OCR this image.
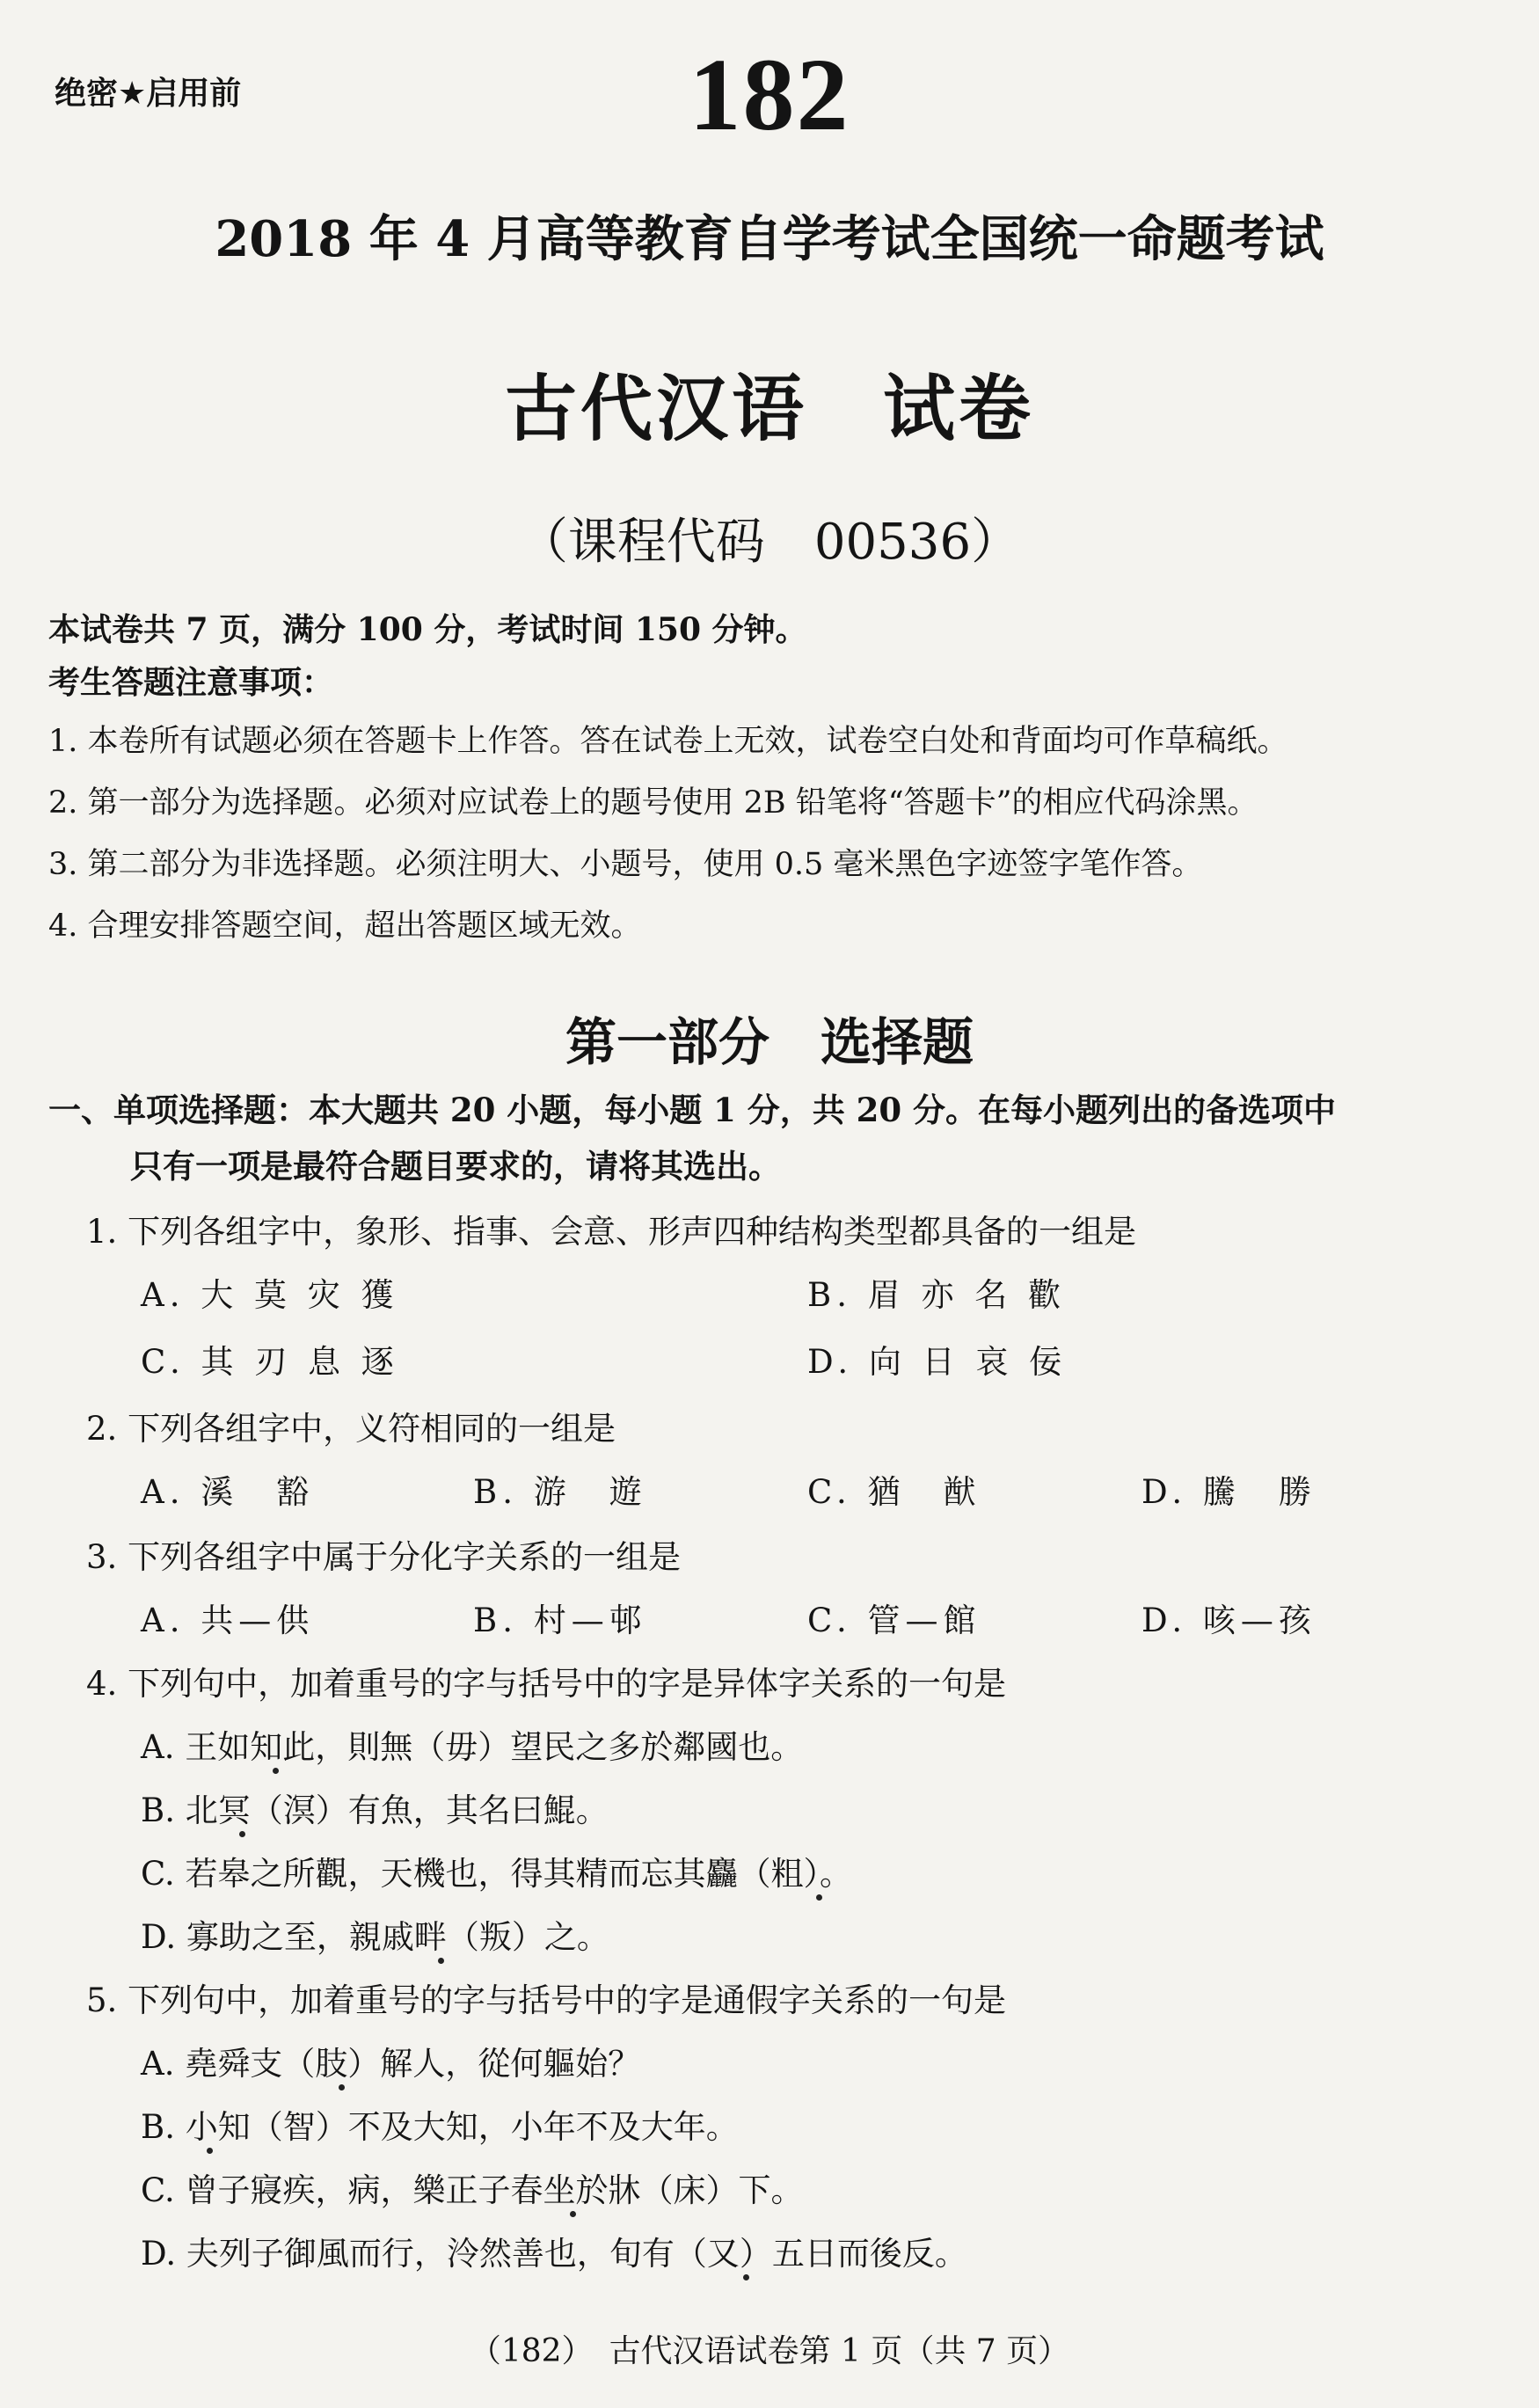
绝密★启用前	182
2018 年 4 月高等教育自学考试全国统一命题考试
古代汉语　试卷
（课程代码　00536）
本试卷共 7 页，满分 100 分，考试时间 150 分钟。
考生答题注意事项：
1. 本卷所有试题必须在答题卡上作答。答在试卷上无效，试卷空白处和背面均可作草稿纸。
2. 第一部分为选择题。必须对应试卷上的题号使用 2B 铅笔将“答题卡”的相应代码涂黑。
3. 第二部分为非选择题。必须注明大、小题号，使用 0.5 毫米黑色字迹签字笔作答。
4. 合理安排答题空间，超出答题区域无效。
第一部分　选择题
一、单项选择题：本大题共 20 小题，每小题 1 分，共 20 分。在每小题列出的备选项中
只有一项是最符合题目要求的，请将其选出。
1. 下列各组字中，象形、指事、会意、形声四种结构类型都具备的一组是
A. 大 莫 灾 獲	B. 眉 亦 名 歡
C. 其 刃 息 逐	D. 向 日 哀 佞
2. 下列各组字中，义符相同的一组是
A. 溪　豁	B. 游　遊	C. 猶　猷	D. 騰　勝
3. 下列各组字中属于分化字关系的一组是
A. 共—供	B. 村—邨	C. 管—館	D. 咳—孩
4. 下列句中，加着重号的字与括号中的字是异体字关系的一句是
A. 王如知此，則無（毋）望民之多於鄰國也。
B. 北冥（溟）有魚，其名曰鯤。
C. 若皋之所觀，天機也，得其精而忘其麤（粗）。
D. 寡助之至，親戚畔（叛）之。
5. 下列句中，加着重号的字与括号中的字是通假字关系的一句是
A. 堯舜支（肢）解人，從何軀始？
B. 小知（智）不及大知，小年不及大年。
C. 曾子寢疾，病，樂正子春坐於牀（床）下。
D. 夫列子御風而行，泠然善也，旬有（又）五日而後反。
（182）　古代汉语试卷第 1 页（共 7 页）
